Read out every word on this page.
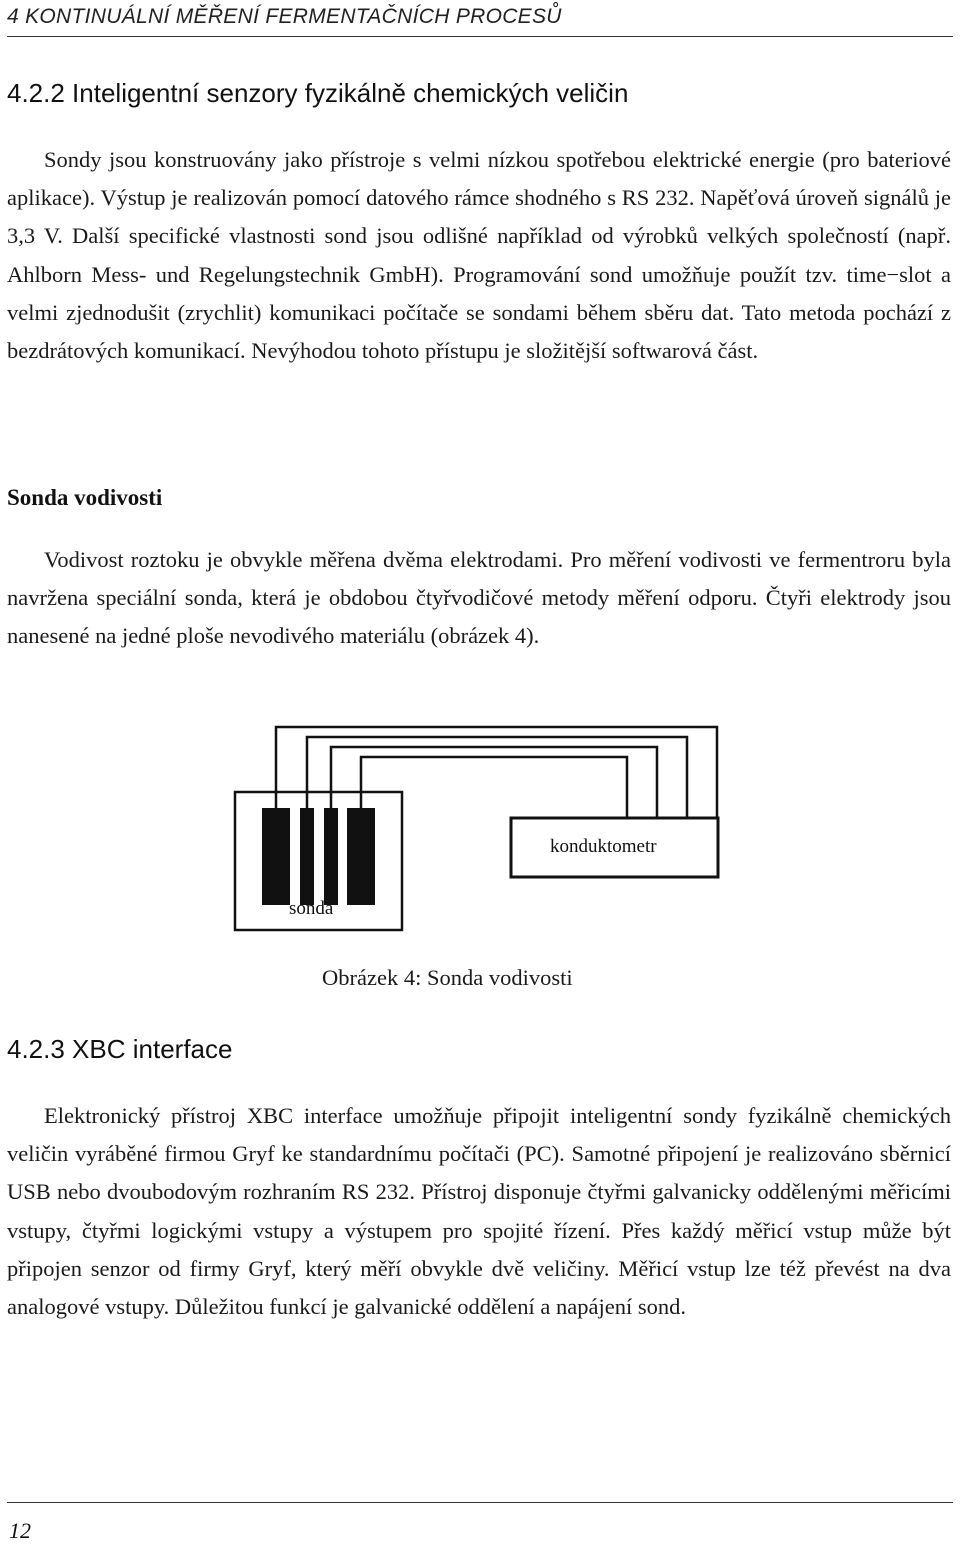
4 KONTINUÁLNÍ MĚŘENÍ FERMENTAČNÍCH PROCESŮ
4.2.2 Inteligentní senzory fyzikálně chemických veličin

Sondy jsou konstruovány jako přístroje s velmi nízkou spotřebou elektrické energie (pro bateriové aplikace). Výstup je realizován pomocí datového rámce shodného s RS 232. Napěťová úroveň signálů je 3,3 V. Další specifické vlastnosti sond jsou odlišné například od výrobků velkých společností (např. Ahlborn Mess- und Regelungstechnik GmbH). Programování sond umožňuje použít tzv. time−slot a velmi zjednodušit (zrychlit) komunikaci počítače se sondami během sběru dat. Tato metoda pochází z bezdrátových komunikací. Nevýhodou tohoto přístupu je složitější softwarová část.

Sonda vodivosti

Vodivost roztoku je obvykle měřena dvěma elektrodami. Pro měření vodivosti ve fermentroru byla navržena speciální sonda, která je obdobou čtyřvodičové metody měření odporu. Čtyři elektrody jsou nanesené na jedné ploše nevodivého materiálu (obrázek 4).

sonda
konduktometr
Obrázek 4: Sonda vodivosti
4.2.3 XBC interface

Elektronický přístroj XBC interface umožňuje připojit inteligentní sondy fyzikálně chemických veličin vyráběné firmou Gryf ke standardnímu počítači (PC). Samotné připojení je realizováno sběrnicí USB nebo dvoubodovým rozhraním RS 232. Přístroj disponuje čtyřmi galvanicky oddělenými měřicími vstupy, čtyřmi logickými vstupy a výstupem pro spojité řízení. Přes každý měřicí vstup může být připojen senzor od firmy Gryf, který měří obvykle dvě veličiny. Měřicí vstup lze též převést na dva analogové vstupy. Důležitou funkcí je galvanické oddělení a napájení sond.

12
